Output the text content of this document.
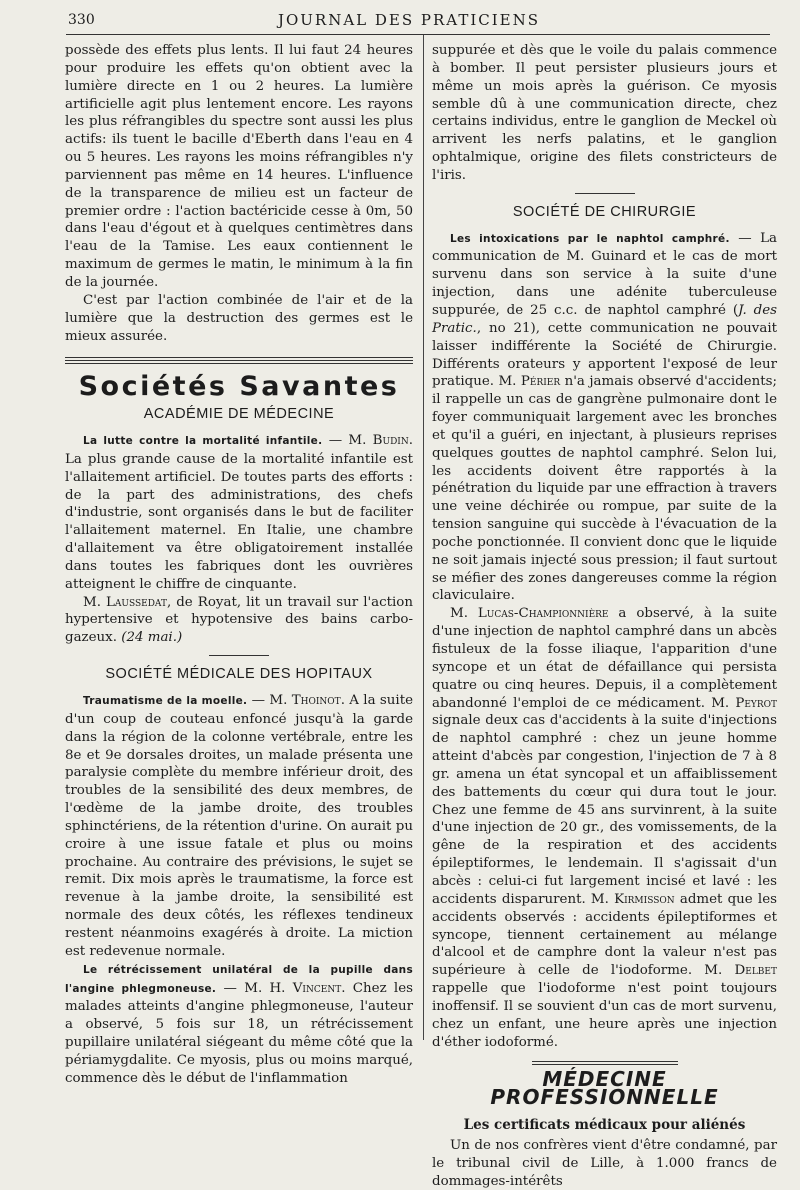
330	JOURNAL DES PRATICIENS

possède des effets plus lents. Il lui faut 24 heures pour produire les effets qu'on obtient avec la lumière directe en 1 ou 2 heures. La lumière artificielle agit plus lentement encore. Les rayons les plus réfrangibles du spectre sont aussi les plus actifs: ils tuent le bacille d'Eberth dans l'eau en 4 ou 5 heures. Les rayons les moins réfrangibles n'y parviennent pas même en 14 heures. L'influence de la transparence de milieu est un facteur de premier ordre : l'action bactéricide cesse à 0m, 50 dans l'eau d'égout et à quelques centimètres dans l'eau de la Tamise. Les eaux contiennent le maximum de germes le matin, le minimum à la fin de la journée.

C'est par l'action combinée de l'air et de la lumière que la destruction des germes est le mieux assurée.

Sociétés Savantes
ACADÉMIE DE MÉDECINE

La lutte contre la mortalité infantile. — M. Budin. La plus grande cause de la mortalité infantile est l'allaitement artificiel. De toutes parts des efforts : de la part des administrations, des chefs d'industrie, sont organisés dans le but de faciliter l'allaitement maternel. En Italie, une chambre d'allaitement va être obligatoirement installée dans toutes les fabriques dont les ouvrières atteignent le chiffre de cinquante.

M. Laussedat, de Royat, lit un travail sur l'action hypertensive et hypotensive des bains carbo-gazeux. (24 mai.)

SOCIÉTÉ MÉDICALE DES HOPITAUX

Traumatisme de la moelle. — M. Thoinot. A la suite d'un coup de couteau enfoncé jusqu'à la garde dans la région de la colonne vertébrale, entre les 8e et 9e dorsales droites, un malade présenta une paralysie complète du membre inférieur droit, des troubles de la sensibilité des deux membres, de l'œdème de la jambe droite, des troubles sphinctériens, de la rétention d'urine. On aurait pu croire à une issue fatale et plus ou moins prochaine. Au contraire des prévisions, le sujet se remit. Dix mois après le traumatisme, la force est revenue à la jambe droite, la sensibilité est normale des deux côtés, les réflexes tendineux restent néanmoins exagérés à droite. La miction est redevenue normale.

Le rétrécissement unilatéral de la pupille dans l'angine phlegmoneuse. — M. H. Vincent. Chez les malades atteints d'angine phlegmoneuse, l'auteur a observé, 5 fois sur 18, un rétrécissement pupillaire unilatéral siégeant du même côté que la périamygdalite. Ce myosis, plus ou moins marqué, commence dès le début de l'inflammation

suppurée et dès que le voile du palais commence à bomber. Il peut persister plusieurs jours et même un mois après la guérison. Ce myosis semble dû à une communication directe, chez certains individus, entre le ganglion de Meckel où arrivent les nerfs palatins, et le ganglion ophtalmique, origine des filets constricteurs de l'iris.

SOCIÉTÉ DE CHIRURGIE

Les intoxications par le naphtol camphré. — La communication de M. Guinard et le cas de mort survenu dans son service à la suite d'une injection, dans une adénite tuberculeuse suppurée, de 25 c.c. de naphtol camphré (J. des Pratic., no 21), cette communication ne pouvait laisser indifférente la Société de Chirurgie. Différents orateurs y apportent l'exposé de leur pratique. M. Périer n'a jamais observé d'accidents; il rappelle un cas de gangrène pulmonaire dont le foyer communiquait largement avec les bronches et qu'il a guéri, en injectant, à plusieurs reprises quelques gouttes de naphtol camphré. Selon lui, les accidents doivent être rapportés à la pénétration du liquide par une effraction à travers une veine déchirée ou rompue, par suite de la tension sanguine qui succède à l'évacuation de la poche ponctionnée. Il convient donc que le liquide ne soit jamais injecté sous pression; il faut surtout se méfier des zones dangereuses comme la région claviculaire.

M. Lucas-Championnière a observé, à la suite d'une injection de naphtol camphré dans un abcès fistuleux de la fosse iliaque, l'apparition d'une syncope et un état de défaillance qui persista quatre ou cinq heures. Depuis, il a complètement abandonné l'emploi de ce médicament. M. Peyrot signale deux cas d'accidents à la suite d'injections de naphtol camphré : chez un jeune homme atteint d'abcès par congestion, l'injection de 7 à 8 gr. amena un état syncopal et un affaiblissement des battements du cœur qui dura tout le jour. Chez une femme de 45 ans survinrent, à la suite d'une injection de 20 gr., des vomissements, de la gêne de la respiration et des accidents épileptiformes, le lendemain. Il s'agissait d'un abcès : celui-ci fut largement incisé et lavé : les accidents disparurent. M. Kirmisson admet que les accidents observés : accidents épileptiformes et syncope, tiennent certainement au mélange d'alcool et de camphre dont la valeur n'est pas supérieure à celle de l'iodoforme. M. Delbet rappelle que l'iodoforme n'est point toujours inoffensif. Il se souvient d'un cas de mort survenu, chez un enfant, une heure après une injection d'éther iodoformé.

MÉDECINE PROFESSIONNELLE
Les certificats médicaux pour aliénés

Un de nos confrères vient d'être condamné, par le tribunal civil de Lille, à 1.000 francs de dommages-intérêts
